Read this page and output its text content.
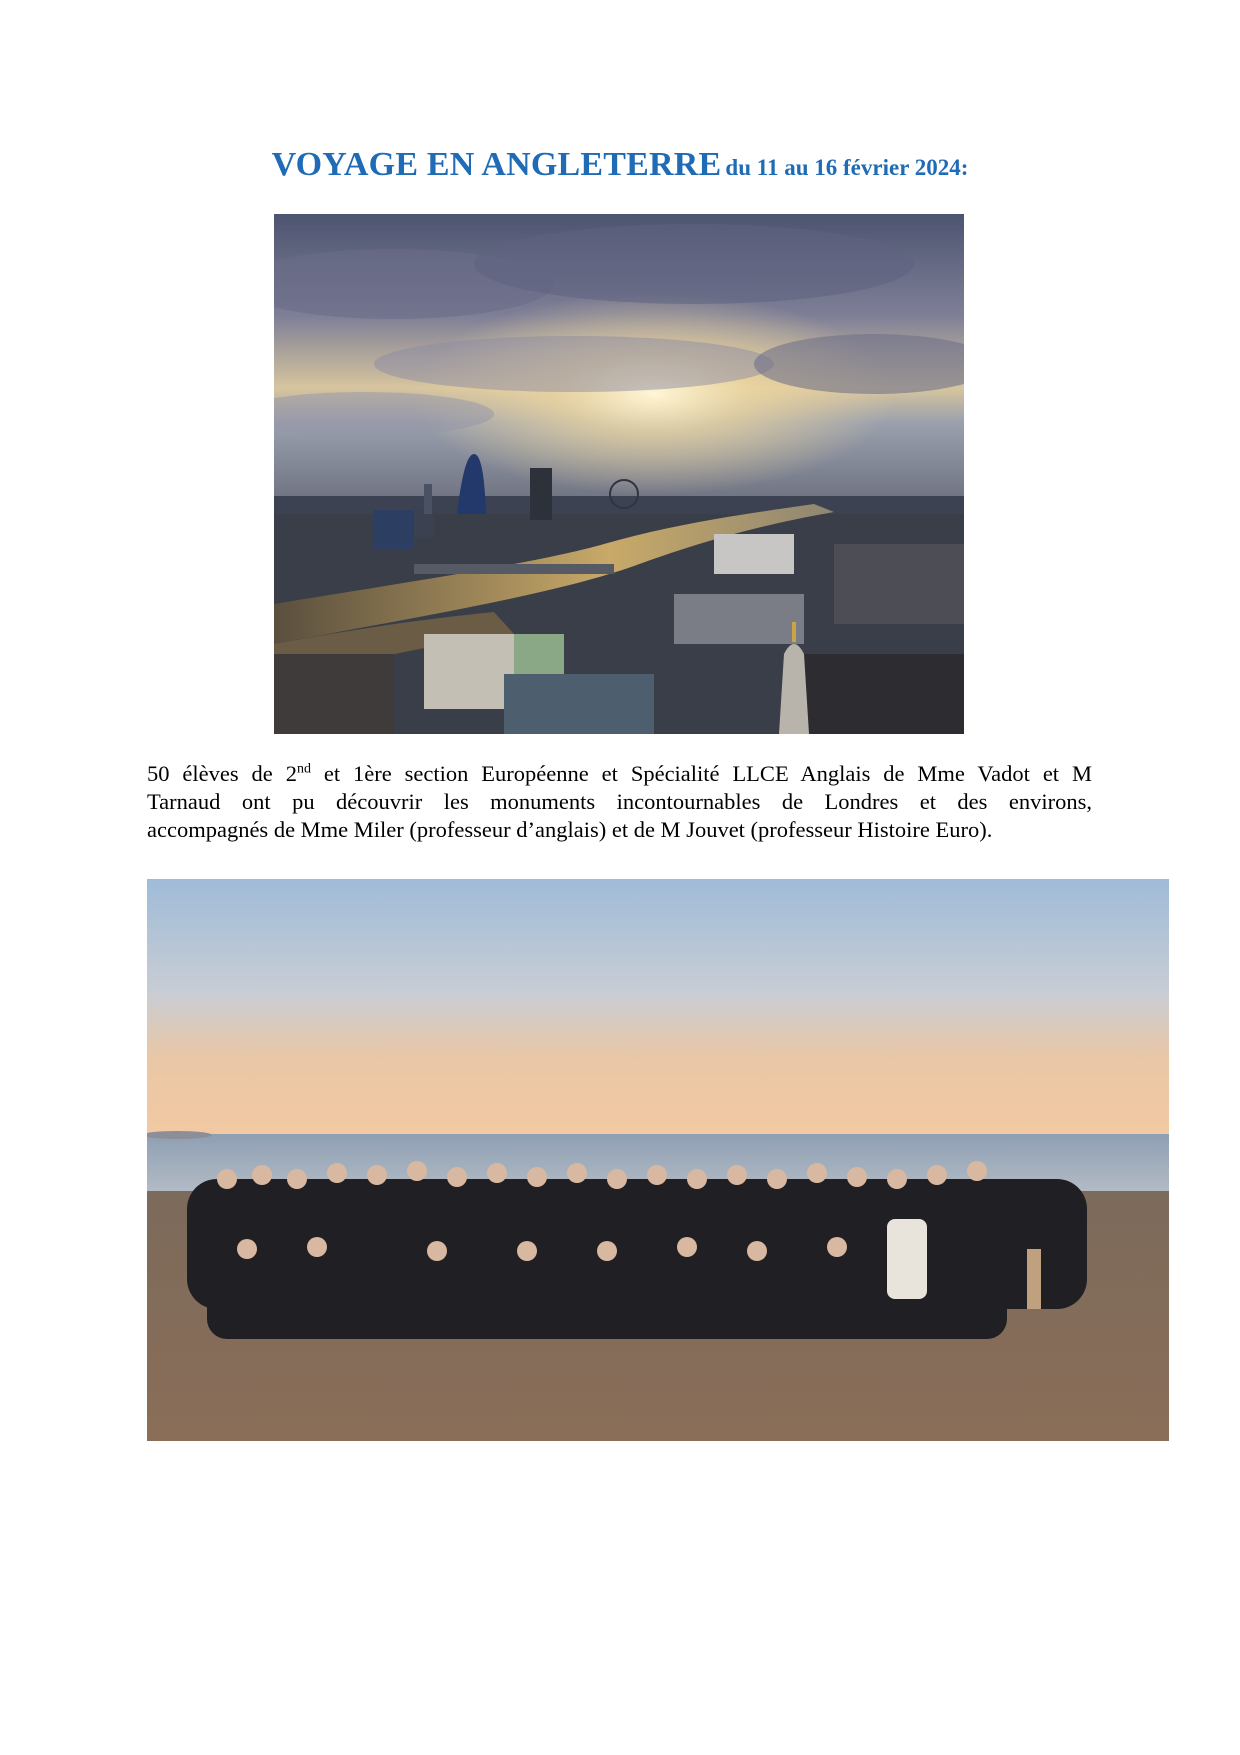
VOYAGE EN ANGLETERRE du 11 au 16 février 2024:
50 élèves de 2nd et 1ère section Européenne et Spécialité LLCE Anglais de Mme Vadot et M
Tarnaud ont pu découvrir les monuments incontournables de Londres et des environs,
accompagnés de Mme Miler (professeur d’anglais) et de M Jouvet (professeur Histoire Euro).
